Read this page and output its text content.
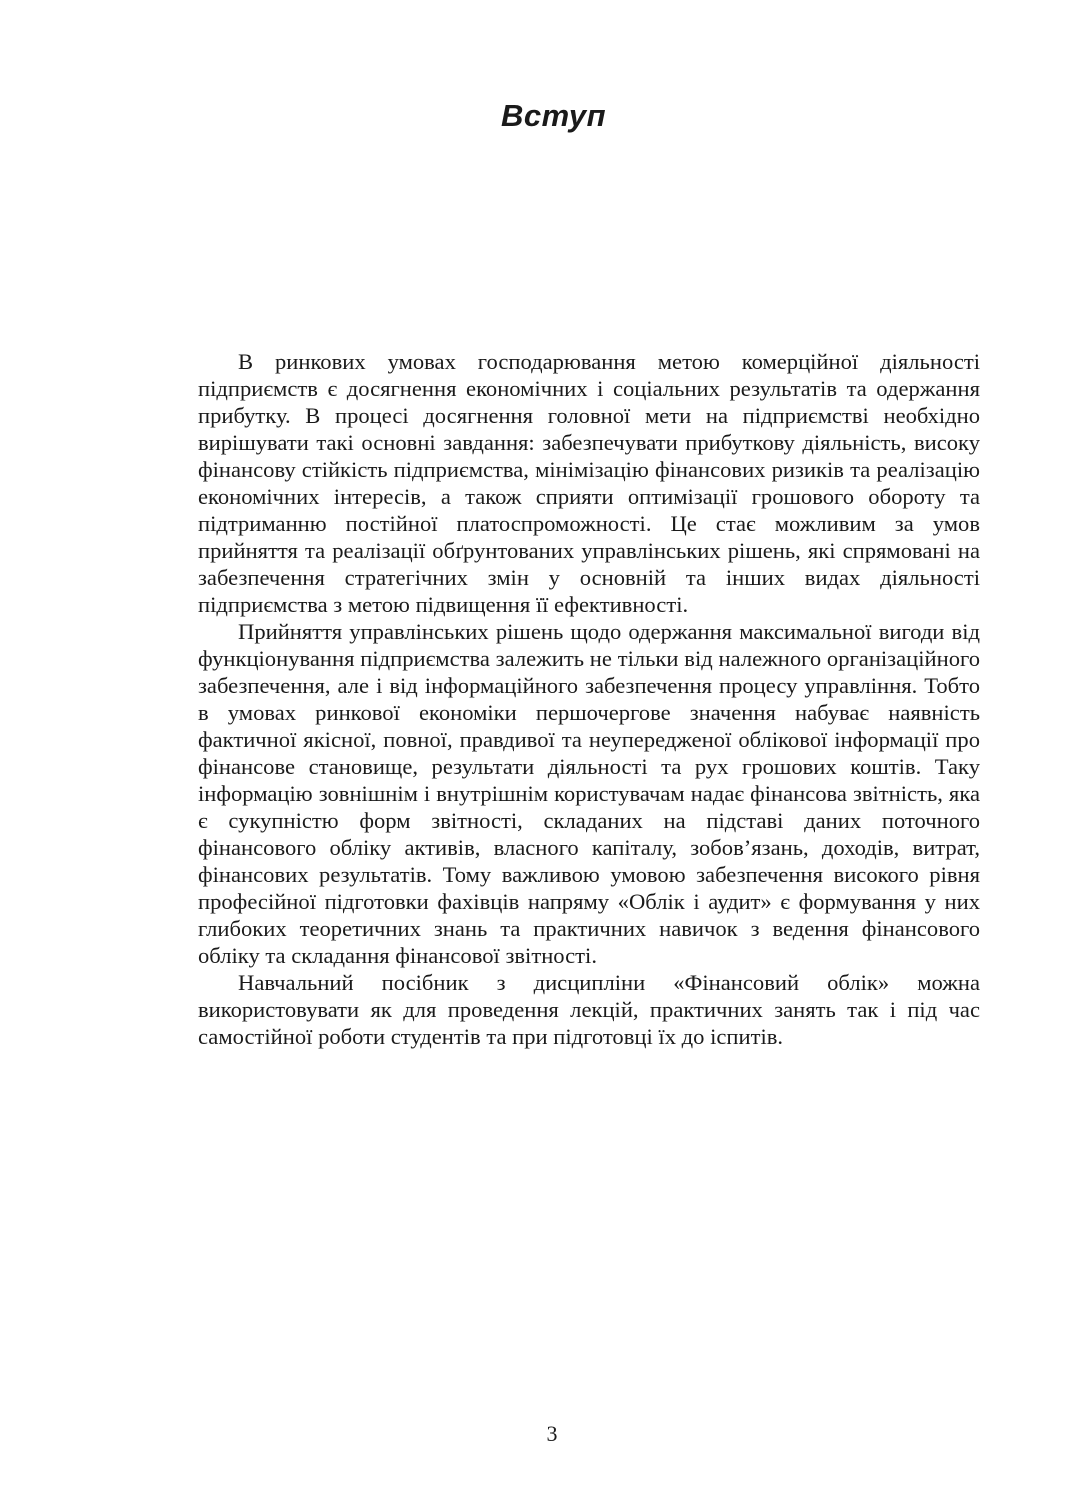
Вступ

В ринкових умовах господарювання метою комерційної діяльності підприємств є досягнення економічних і соціальних результатів та одержання прибутку. В процесі досягнення головної мети на підприємстві необхідно вирішувати такі основні завдання: забезпечувати прибуткову діяльність, високу фінансову стійкість підприємства, мінімізацію фінансових ризиків та реалізацію економічних інтересів, а також сприяти оптимізації грошового обороту та підтриманню постійної платоспроможності. Це стає можливим за умов прийняття та реалізації обґрунтованих управлінських рішень, які спрямовані на забезпечення стратегічних змін у основній та інших видах діяльності підприємства з метою підвищення її ефективності.

Прийняття управлінських рішень щодо одержання максимальної вигоди від функціонування підприємства залежить не тільки від належного організаційного забезпечення, але і від інформаційного забезпечення процесу управління. Тобто в умовах ринкової економіки першочергове значення набуває наявність фактичної якісної, повної, правдивої та неупередженої облікової інформації про фінансове становище, результати діяльності та рух грошових коштів. Таку інформацію зовнішнім і внутрішнім користувачам надає фінансова звітність, яка є сукупністю форм звітності, складаних на підставі даних поточного фінансового обліку активів, власного капіталу, зобов’язань, доходів, витрат, фінансових результатів. Тому важливою умовою забезпечення високого рівня професійної підготовки фахівців напряму «Облік і аудит» є формування у них глибоких теоретичних знань та практичних навичок з ведення фінансового обліку та складання фінансової звітності.

Навчальний посібник з дисципліни «Фінансовий облік» можна використовувати як для проведення лекцій, практичних занять так і під час самостійної роботи студентів та при підготовці їх до іспитів.

3
